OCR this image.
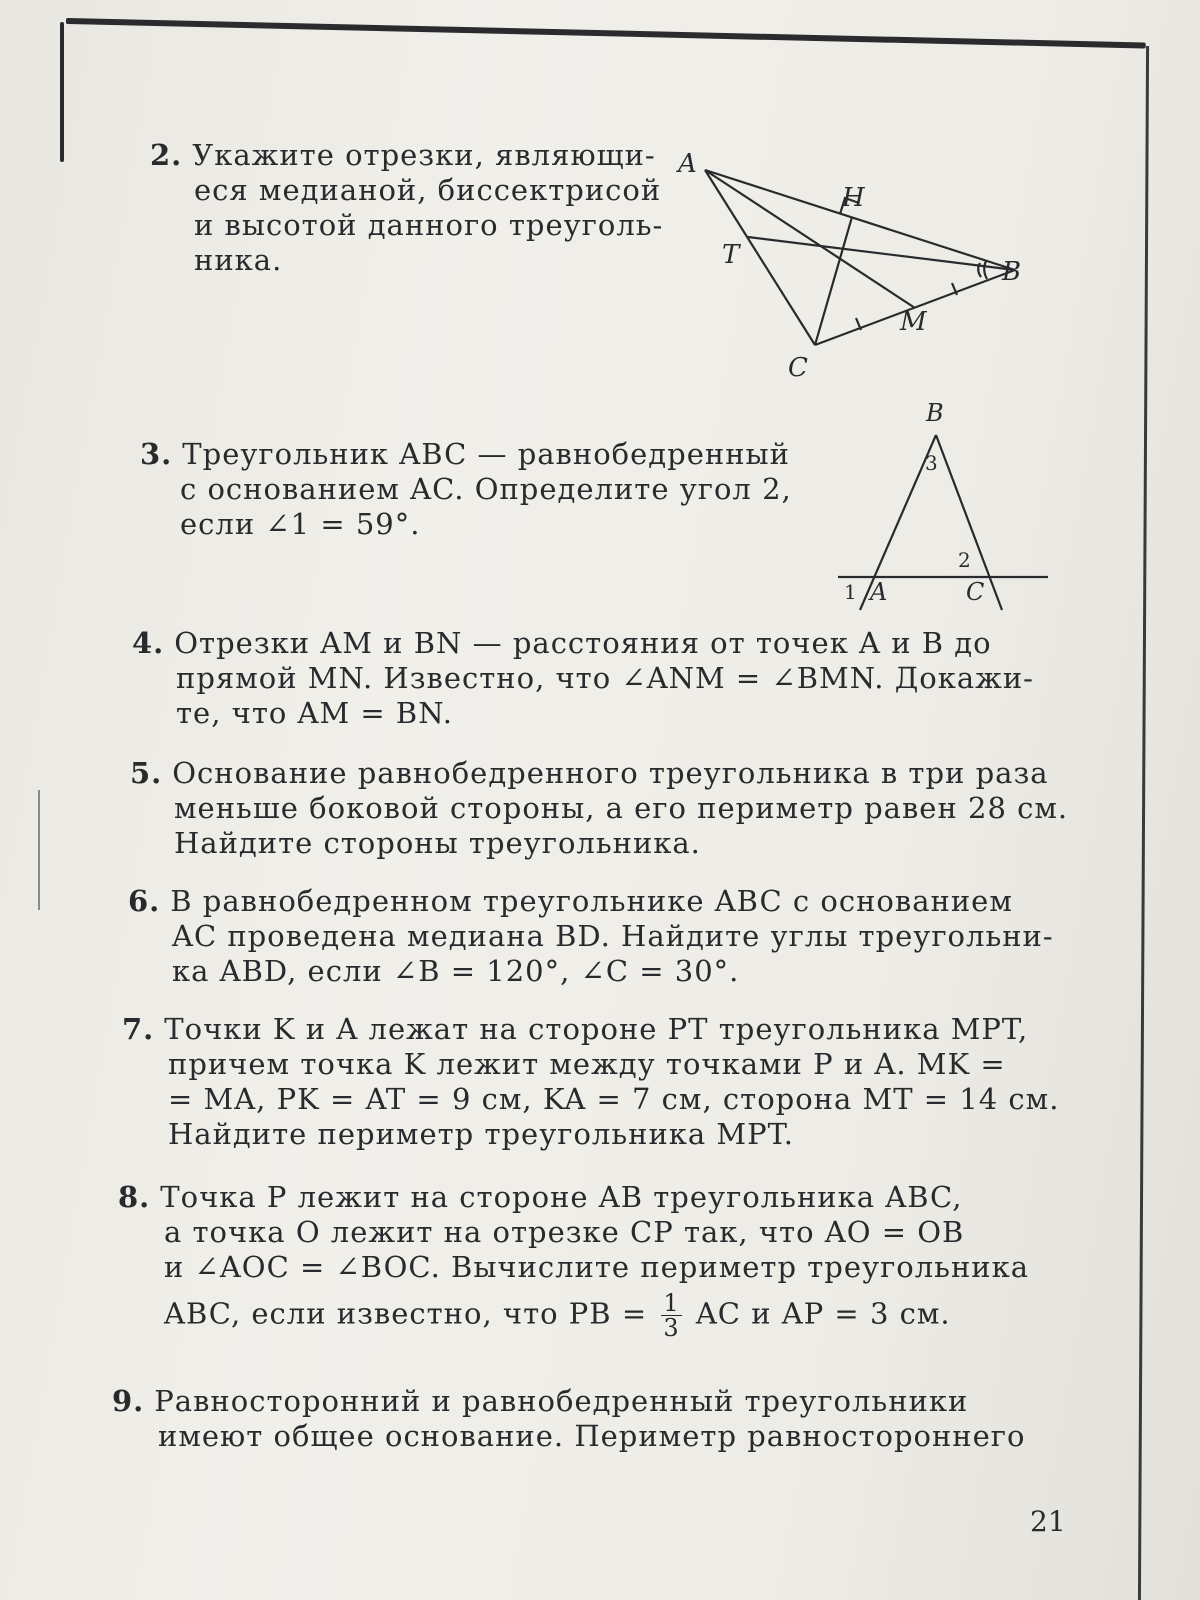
2. Укажите отрезки, являющи-
еся медианой, биссектрисой
и высотой данного треуголь-
ника.
A
H
T
B
M
C
3. Треугольник ABC — равнобедренный
с основанием AC. Определите угол 2,
если ∠1 = 59°.
B
3
2
1 A	C
4. Отрезки AM и BN — расстояния от точек A и B до
прямой MN. Известно, что ∠ANM = ∠BMN. Докажи-
те, что AM = BN.
5. Основание равнобедренного треугольника в три раза
меньше боковой стороны, а его периметр равен 28 см.
Найдите стороны треугольника.
6. В равнобедренном треугольнике ABC с основанием
AC проведена медиана BD. Найдите углы треугольни-
ка ABD, если ∠B = 120°, ∠C = 30°.
7. Точки K и A лежат на стороне PT треугольника MPT,
причем точка K лежит между точками P и A. MK =
= MA, PK = AT = 9 см, KA = 7 см, сторона MT = 14 см.
Найдите периметр треугольника MPT.
8. Точка P лежит на стороне AB треугольника ABC,
а точка O лежит на отрезке CP так, что AO = OB
и ∠AOC = ∠BOC. Вычислите периметр треугольника
ABC, если известно, что PB = $\frac{1}{3}$ AC и AP = 3 см.
9. Равносторонний и равнобедренный треугольники
имеют общее основание. Периметр равностороннего
21
